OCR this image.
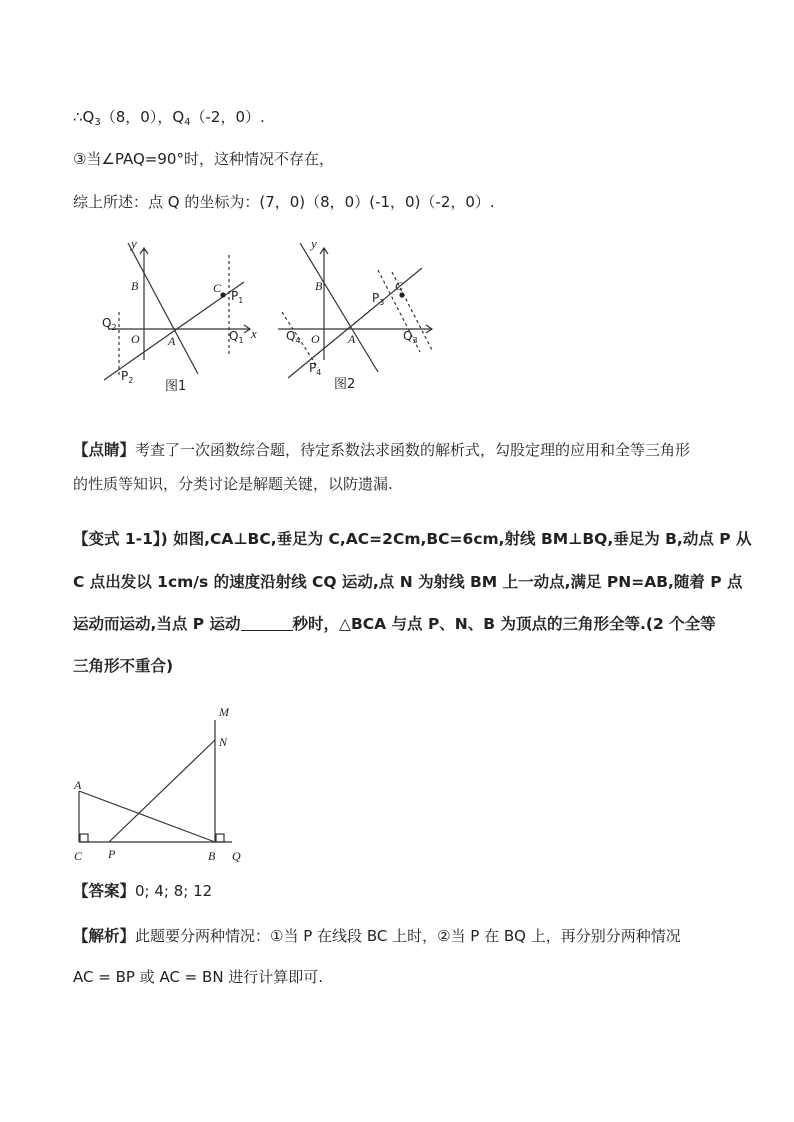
$\therefore Q_3(8$，0），$Q_4(-2$，0）.
③当∠PAQ=90°时，这种情况不存在，
综上所述：点 Q 的坐标为：(7，0)（8，0）(-1，0)（-2，0）.
y
x
B	C
O A
$P_1$
$Q_1$
$Q_2$
$P_2$ 图1
y
B	C
O A
$P_3$
$Q_3$
$Q_4$
$P_4$
图2
【点睛】考查了一次函数综合题，待定系数法求函数的解析式，勾股定理的应用和全等三角形
的性质等知识，分类讨论是解题关键，以防遗漏.
【变式 1-1】) 如图,CA⊥BC,垂足为 C,AC=2Cm,BC=6cm,射线 BM⊥BQ,垂足为 B,动点 P 从
C 点出发以 1cm/s 的速度沿射线 CQ 运动,点 N 为射线 BM 上一动点,满足 PN=AB,随着 P 点
运动而运动,当点 P 运动	秒时，△BCA 与点 P、N、B 为顶点的三角形全等.(2 个全等
三角形不重合)
M
N
A
C P	B Q
【答案】0; 4; 8; 12
【解析】此题要分两种情况：①当 P 在线段 BC 上时，②当 P 在 BQ 上，再分别分两种情况
AC = BP 或 AC = BN 进行计算即可.
